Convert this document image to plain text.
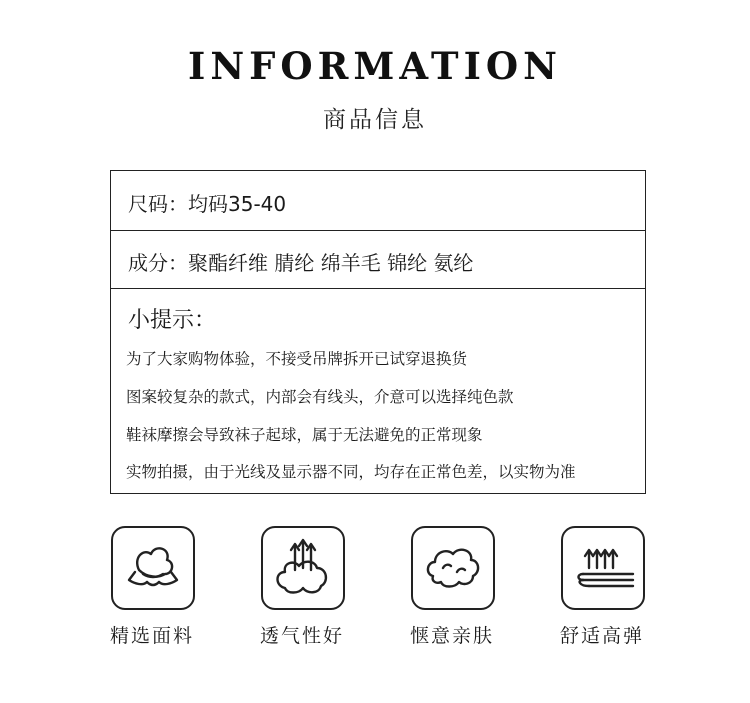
INFORMATION
商品信息
尺码：均码35-40
成分：聚酯纤维 腈纶 绵羊毛 锦纶 氨纶
小提示：
为了大家购物体验，不接受吊牌拆开已试穿退换货
图案较复杂的款式，内部会有线头，介意可以选择纯色款
鞋袜摩擦会导致袜子起球，属于无法避免的正常现象
实物拍摄，由于光线及显示器不同，均存在正常色差，以实物为准
精选面料	透气性好	惬意亲肤	舒适高弹
